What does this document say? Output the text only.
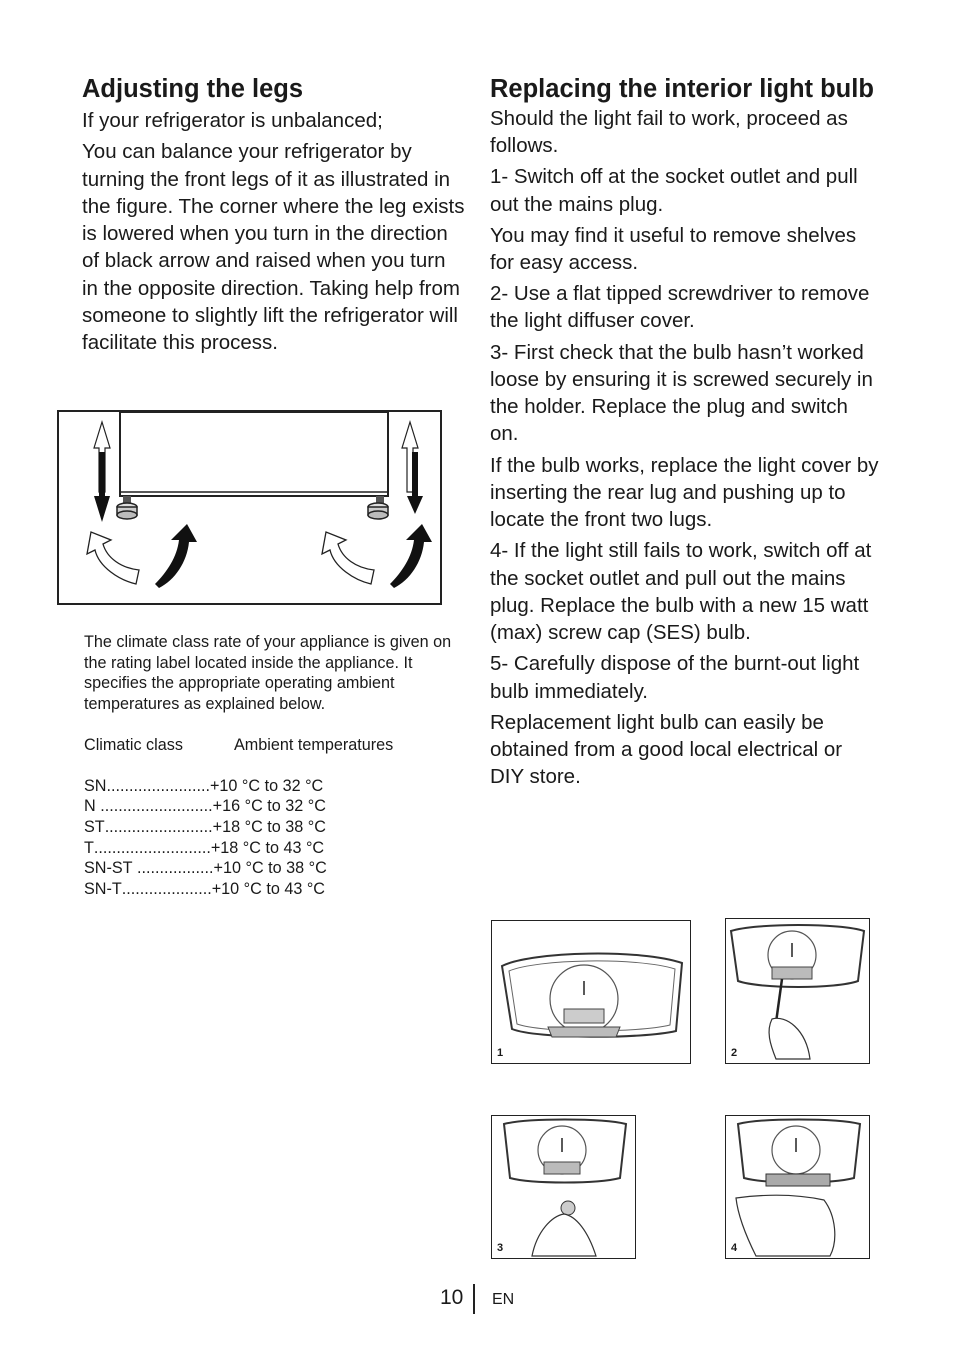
Adjusting the legs

If your refrigerator is unbalanced;

You can balance your refrigerator by turning the front legs of it as illustrated in the figure. The corner where the leg exists is lowered when you turn in the direction of black arrow and raised when you turn in the opposite direction. Taking help from someone to slightly lift the refrigerator will facilitate this process.

The climate class rate of your appliance is given on the rating label located inside the appliance. It specifies the appropriate operating ambient temperatures as explained below.

Climatic class	Ambient temperatures
SN ....................... +10 °C to 32 °C
N ......................... +16 °C to 32 °C
ST ........................ +18 °C to 38 °C
T .......................... +18 °C to 43 °C
SN-ST ................. +10 °C to 38 °C
SN-T .................... +10 °C to 43 °C
Replacing the interior light bulb

Should the light fail to work, proceed as follows.

1- Switch off at the socket outlet and pull out the mains plug.

You may find it useful to remove shelves for easy access.

2- Use a flat tipped screwdriver to remove the light diffuser cover.

3- First check that the bulb hasn’t worked loose by ensuring it is screwed securely in the holder. Replace the plug and switch on.

If the bulb works, replace the light cover by inserting the rear lug and pushing up to locate the front two lugs.

4- If the light still fails to work, switch off at the socket outlet and pull out the mains plug. Replace the bulb with a new 15 watt (max) screw cap (SES) bulb.

5- Carefully dispose of the burnt-out light bulb immediately.

Replacement light bulb can easily be obtained from a good local electrical or DIY store.

1	2
3	4
10 EN
